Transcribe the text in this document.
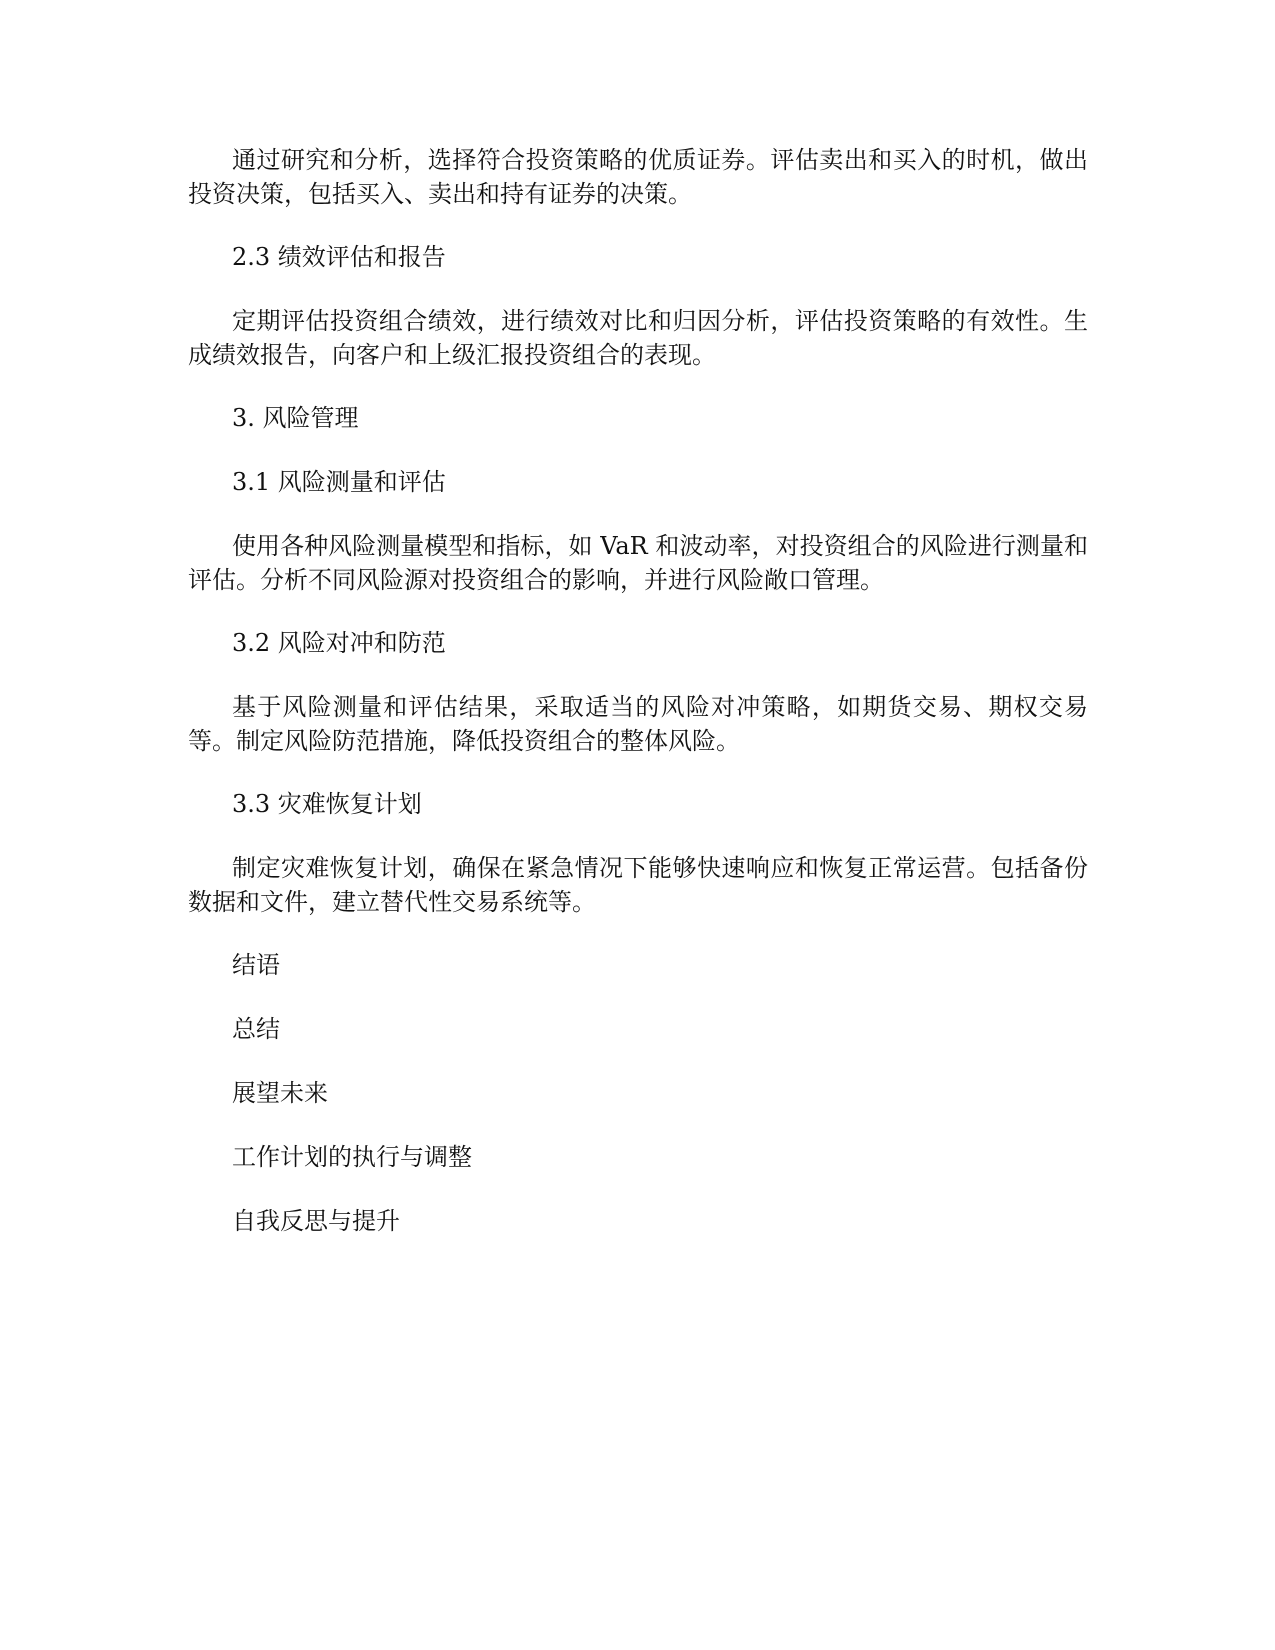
通过研究和分析，选择符合投资策略的优质证券。评估卖出和买入的时机，做出投资决策，包括买入、卖出和持有证券的决策。

2.3 绩效评估和报告

定期评估投资组合绩效，进行绩效对比和归因分析，评估投资策略的有效性。生成绩效报告，向客户和上级汇报投资组合的表现。

3. 风险管理

3.1 风险测量和评估

使用各种风险测量模型和指标，如 VaR 和波动率，对投资组合的风险进行测量和评估。分析不同风险源对投资组合的影响，并进行风险敞口管理。

3.2 风险对冲和防范

基于风险测量和评估结果，采取适当的风险对冲策略，如期货交易、期权交易等。制定风险防范措施，降低投资组合的整体风险。

3.3 灾难恢复计划

制定灾难恢复计划，确保在紧急情况下能够快速响应和恢复正常运营。包括备份数据和文件，建立替代性交易系统等。

结语

总结

展望未来

工作计划的执行与调整

自我反思与提升
